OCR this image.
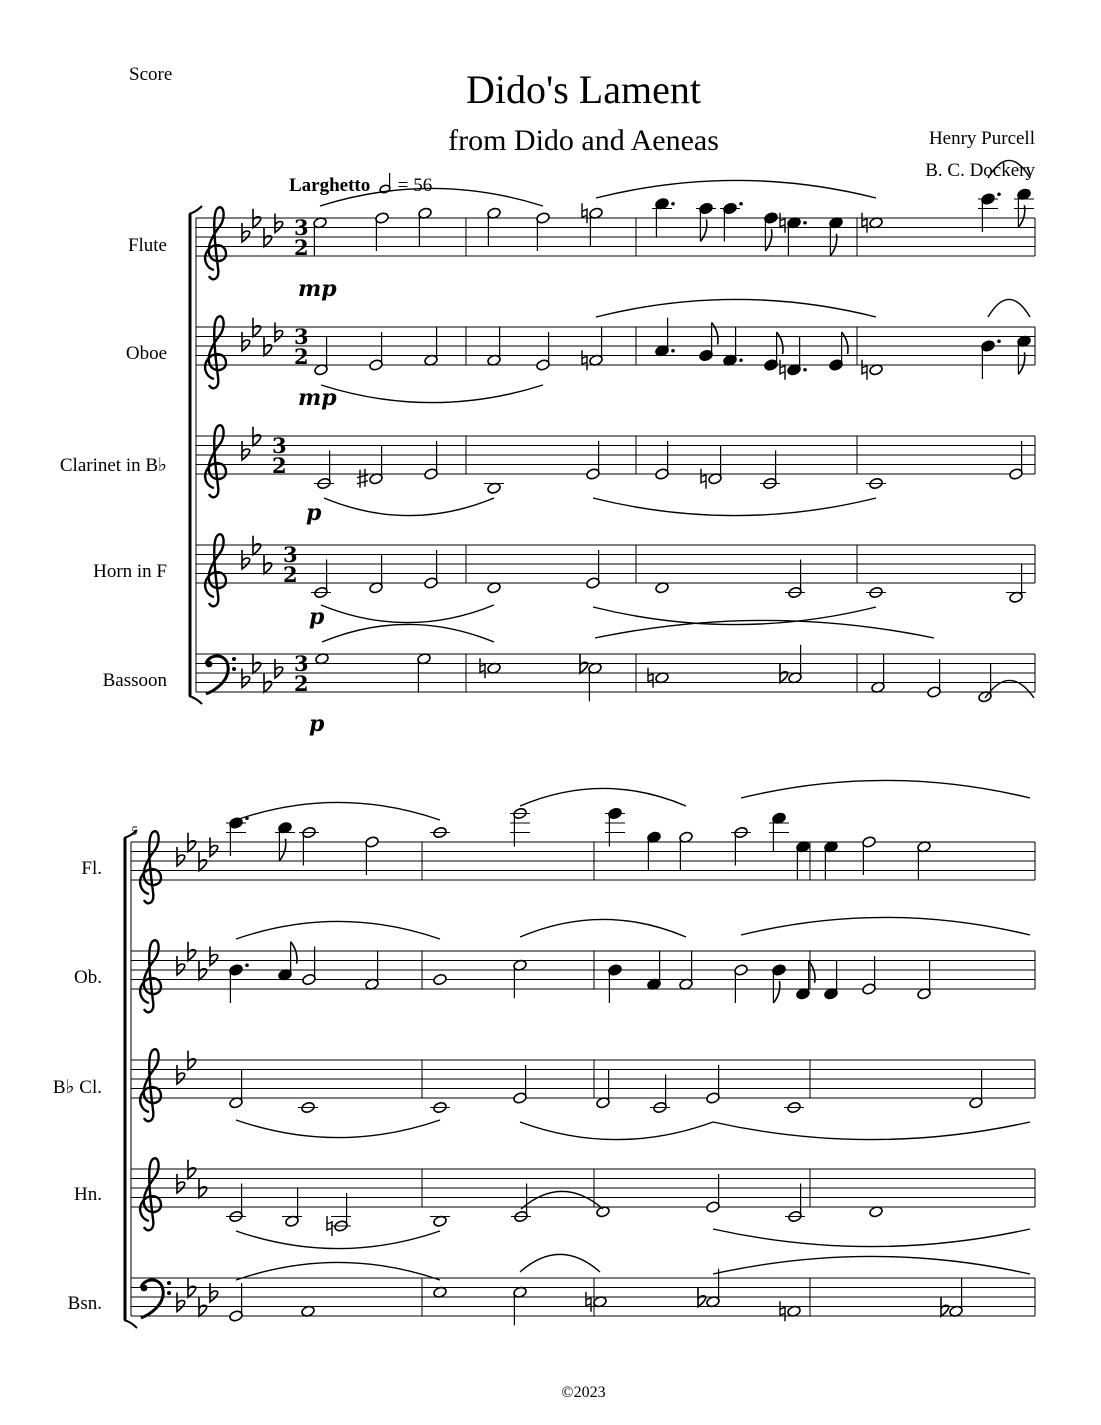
Score	Dido's Lament
from Dido and Aeneas	Henry Purcell
B. C. Dockery
Larghetto = 56
Flute
Oboe
Clarinet in B♭
Horn in F
Bassoon
Fl.
Ob.
B♭ Cl.
Hn.
Bsn.
mp
mp
p
p
p
5
©2023
3
2
3
2
3
2
3
2
3
2
